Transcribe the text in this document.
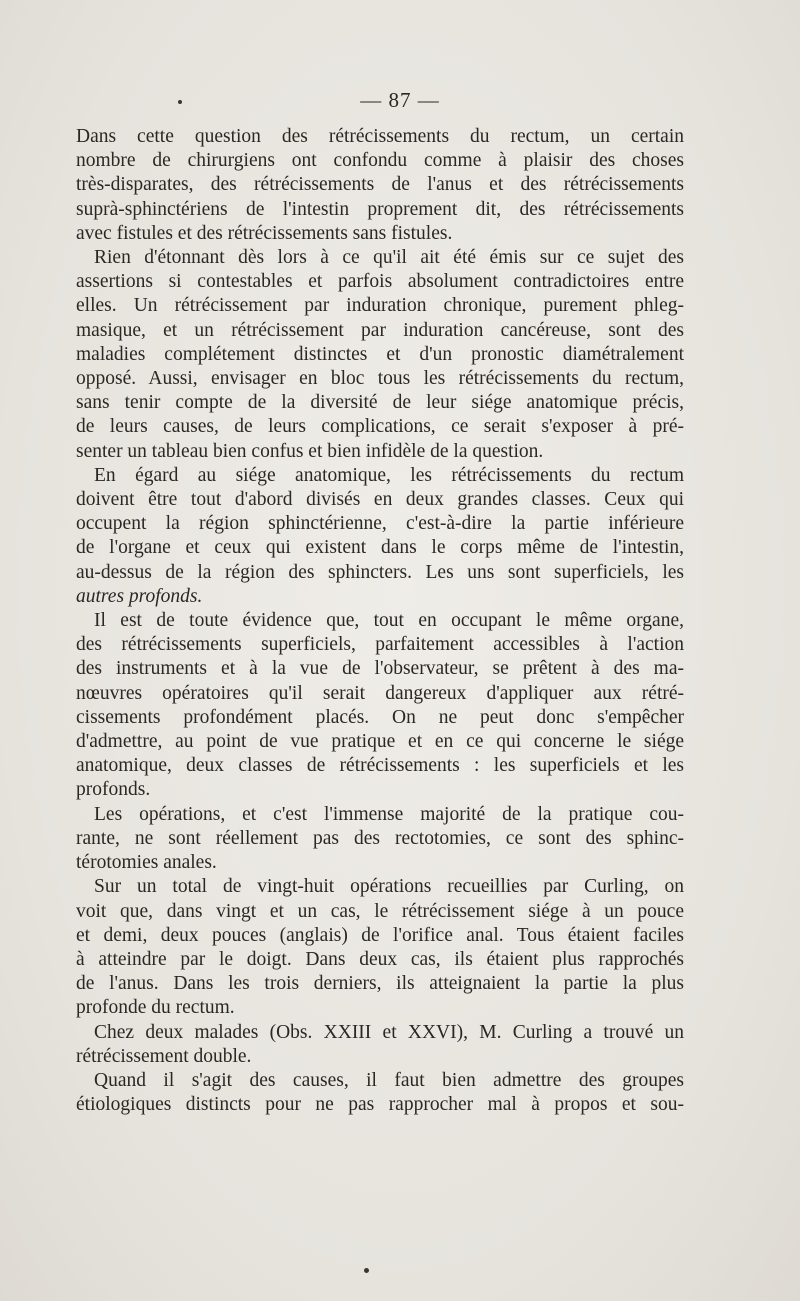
— 87 —
Dans cette question des rétrécissements du rectum, un certain
nombre de chirurgiens ont confondu comme à plaisir des choses
très-disparates, des rétrécissements de l'anus et des rétrécissements
suprà-sphinctériens de l'intestin proprement dit, des rétrécissements
avec fistules et des rétrécissements sans fistules.
Rien d'étonnant dès lors à ce qu'il ait été émis sur ce sujet des
assertions si contestables et parfois absolument contradictoires entre
elles. Un rétrécissement par induration chronique, purement phleg-
masique, et un rétrécissement par induration cancéreuse, sont des
maladies complétement distinctes et d'un pronostic diamétralement
opposé. Aussi, envisager en bloc tous les rétrécissements du rectum,
sans tenir compte de la diversité de leur siége anatomique précis,
de leurs causes, de leurs complications, ce serait s'exposer à pré-
senter un tableau bien confus et bien infidèle de la question.
En égard au siége anatomique, les rétrécissements du rectum
doivent être tout d'abord divisés en deux grandes classes. Ceux qui
occupent la région sphinctérienne, c'est-à-dire la partie inférieure
de l'organe et ceux qui existent dans le corps même de l'intestin,
au-dessus de la région des sphincters. Les uns sont superficiels, les
autres profonds.
Il est de toute évidence que, tout en occupant le même organe,
des rétrécissements superficiels, parfaitement accessibles à l'action
des instruments et à la vue de l'observateur, se prêtent à des ma-
nœuvres opératoires qu'il serait dangereux d'appliquer aux rétré-
cissements profondément placés. On ne peut donc s'empêcher
d'admettre, au point de vue pratique et en ce qui concerne le siége
anatomique, deux classes de rétrécissements : les superficiels et les
profonds.
Les opérations, et c'est l'immense majorité de la pratique cou-
rante, ne sont réellement pas des rectotomies, ce sont des sphinc-
térotomies anales.
Sur un total de vingt-huit opérations recueillies par Curling, on
voit que, dans vingt et un cas, le rétrécissement siége à un pouce
et demi, deux pouces (anglais) de l'orifice anal. Tous étaient faciles
à atteindre par le doigt. Dans deux cas, ils étaient plus rapprochés
de l'anus. Dans les trois derniers, ils atteignaient la partie la plus
profonde du rectum.
Chez deux malades (Obs. XXIII et XXVI), M. Curling a trouvé un
rétrécissement double.
Quand il s'agit des causes, il faut bien admettre des groupes
étiologiques distincts pour ne pas rapprocher mal à propos et sou-
